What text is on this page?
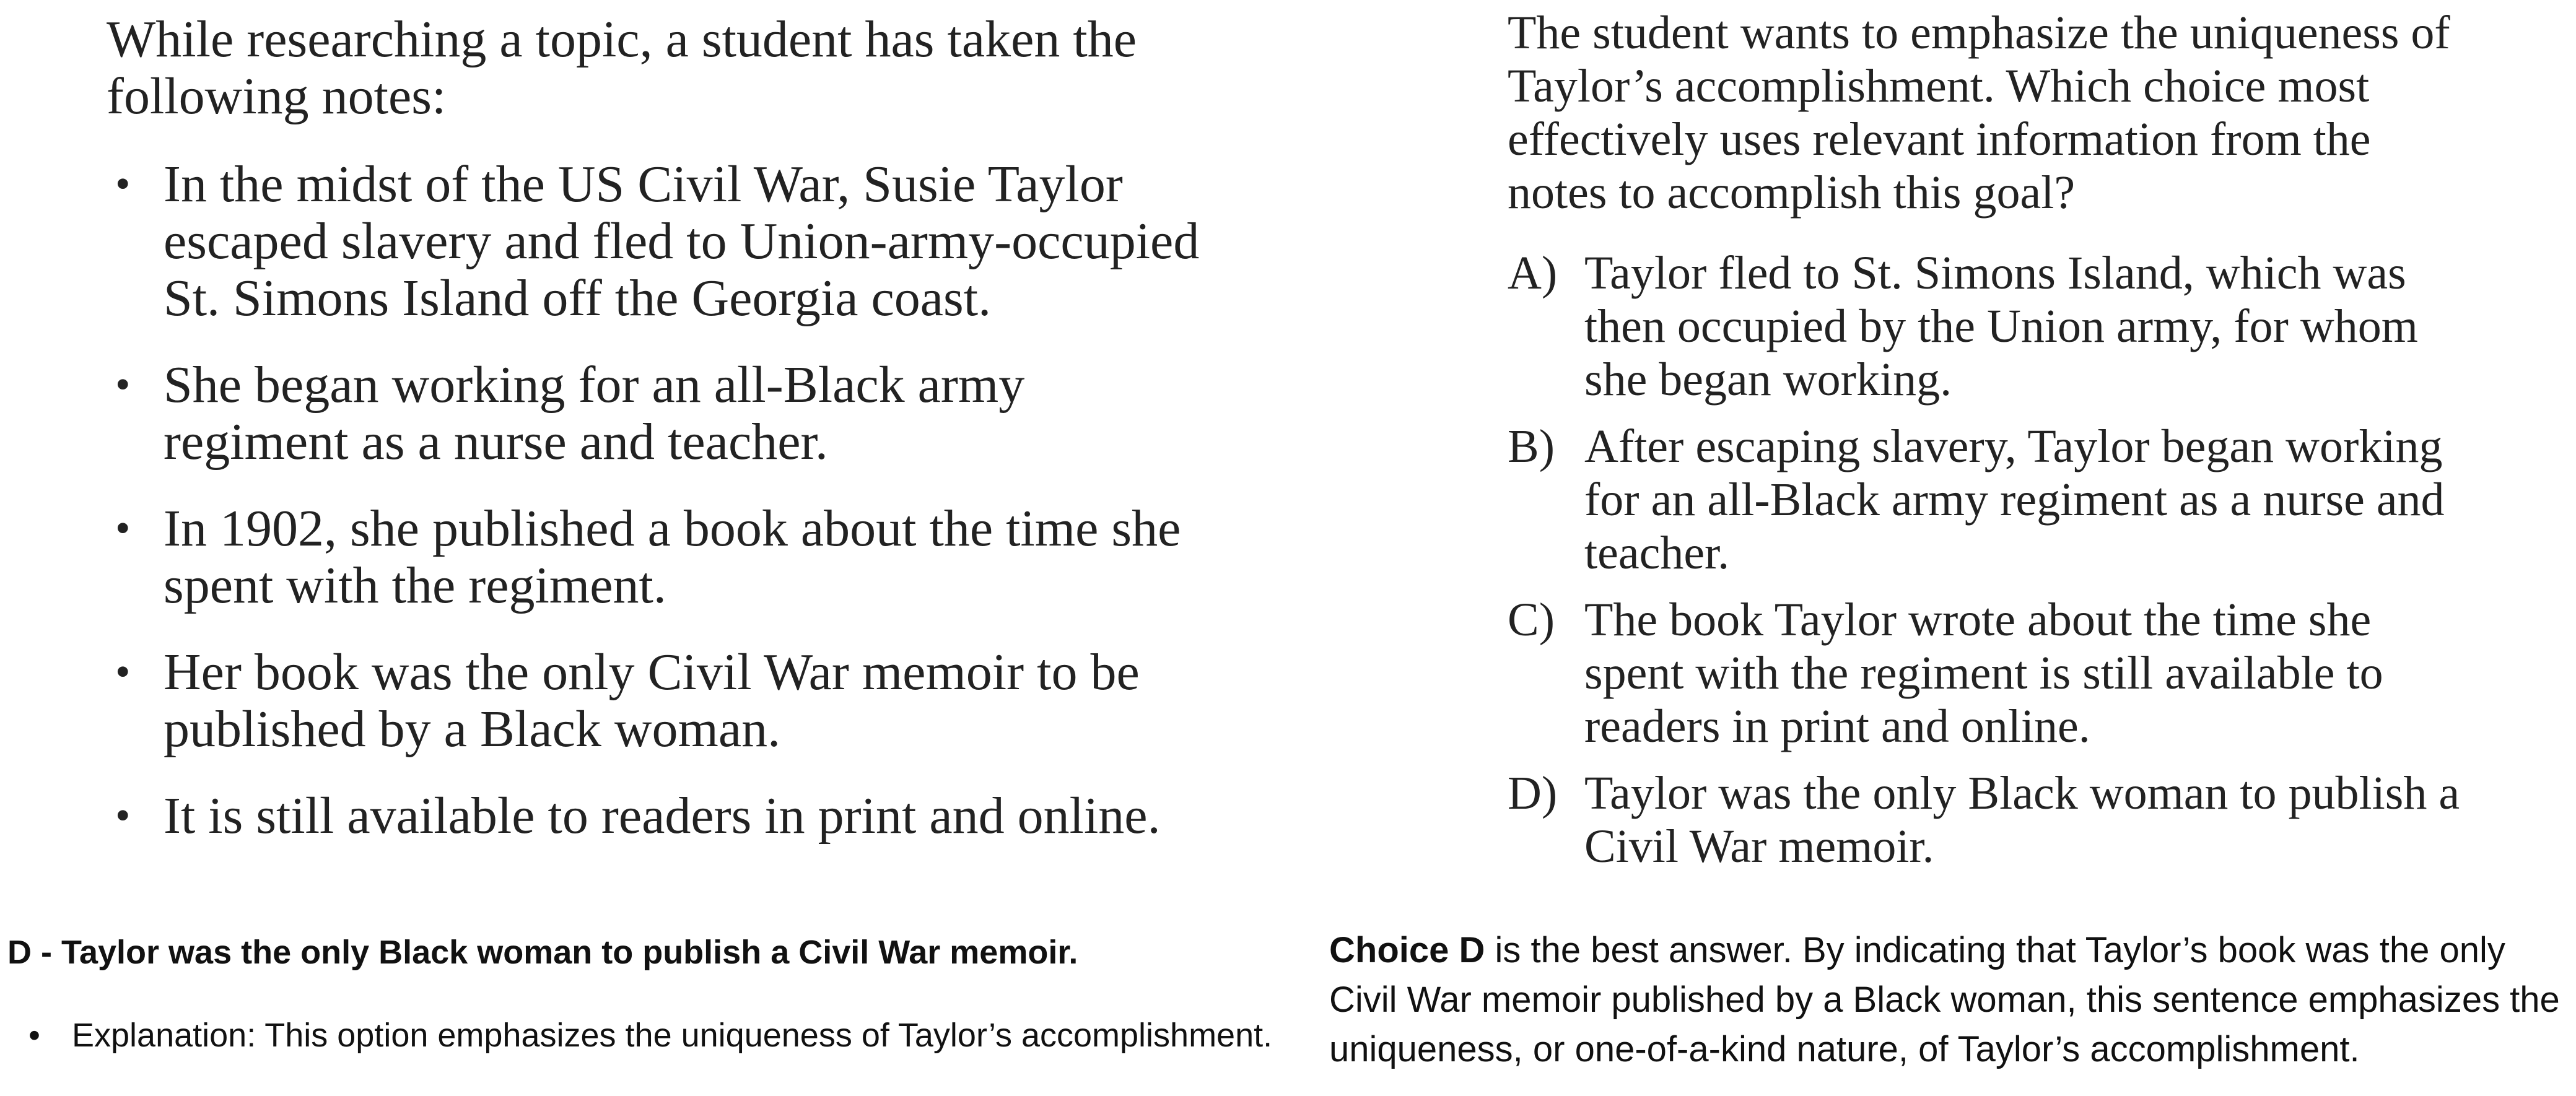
While researching a topic, a student has taken the following notes:

• In the midst of the US Civil War, Susie Taylor escaped slavery and fled to Union-army-occupied St. Simons Island off the Georgia coast.
• She began working for an all-Black army regiment as a nurse and teacher.
• In 1902, she published a book about the time she spent with the regiment.
• Her book was the only Civil War memoir to be published by a Black woman.
• It is still available to readers in print and online.

The student wants to emphasize the uniqueness of Taylor’s accomplishment. Which choice most effectively uses relevant information from the notes to accomplish this goal?

A) Taylor fled to St. Simons Island, which was then occupied by the Union army, for whom she began working.
B) After escaping slavery, Taylor began working for an all-Black army regiment as a nurse and teacher.
C) The book Taylor wrote about the time she spent with the regiment is still available to readers in print and online.
D) Taylor was the only Black woman to publish a Civil War memoir.
D - Taylor was the only Black woman to publish a Civil War memoir.
• Explanation: This option emphasizes the uniqueness of Taylor’s accomplishment.
Choice D is the best answer. By indicating that Taylor’s book was the only Civil War memoir published by a Black woman, this sentence emphasizes the uniqueness, or one-of-a-kind nature, of Taylor’s accomplishment.
